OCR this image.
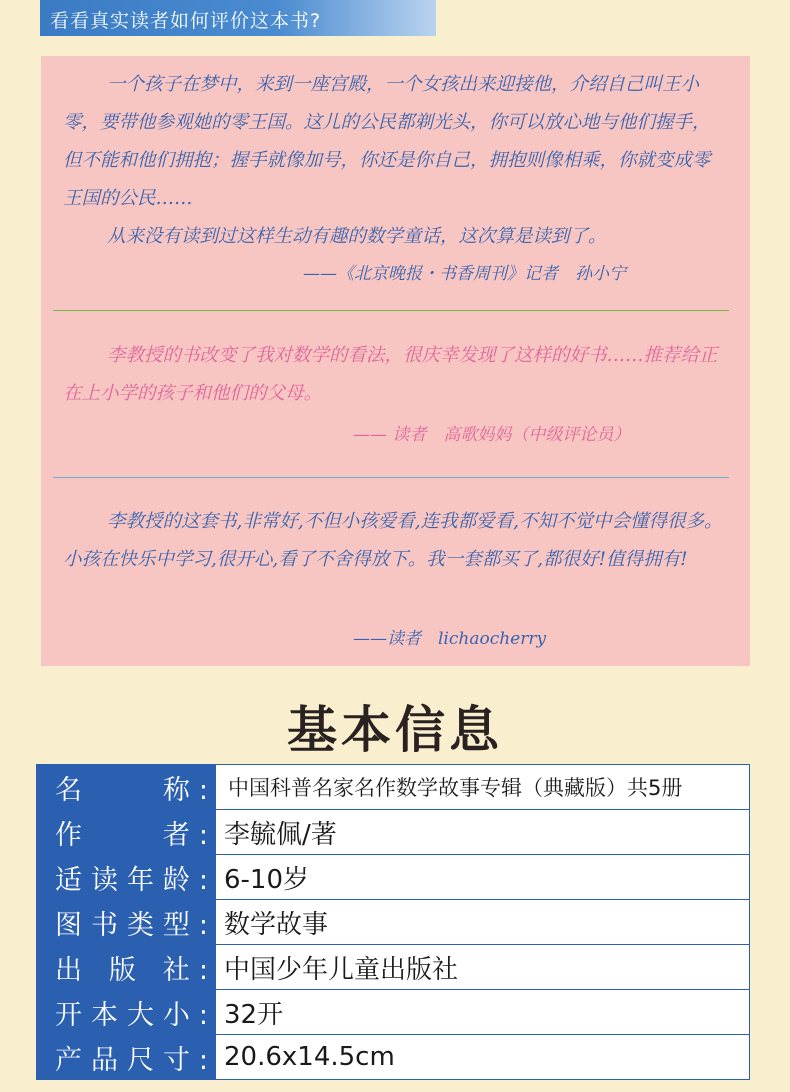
看看真实读者如何评价这本书?

一个孩子在梦中，来到一座宫殿，一个女孩出来迎接他，介绍自己叫王小零，要带他参观她的零王国。这儿的公民都剃光头，你可以放心地与他们握手，但不能和他们拥抱；握手就像加号，你还是你自己，拥抱则像相乘，你就变成零王国的公民……

从来没有读到过这样生动有趣的数学童话，这次算是读到了。

——《北京晚报・书香周刊》记者　孙小宁

李教授的书改变了我对数学的看法，很庆幸发现了这样的好书……推荐给正在上小学的孩子和他们的父母。

—— 读者　高歌妈妈（中级评论员）

李教授的这套书,非常好,不但小孩爱看,连我都爱看,不知不觉中会懂得很多。小孩在快乐中学习,很开心,看了不舍得放下。我一套都买了,都很好!值得拥有!

——读者　lichaocherry
基本信息
名　　称:	中国科普名家名作数学故事专辑（典藏版）共5册
作　　者:	李毓佩/著
适读年龄:	6-10岁
图书类型:	数学故事
出 版 社:	中国少年儿童出版社
开本大小:	32开
产品尺寸:	20.6x14.5cm
